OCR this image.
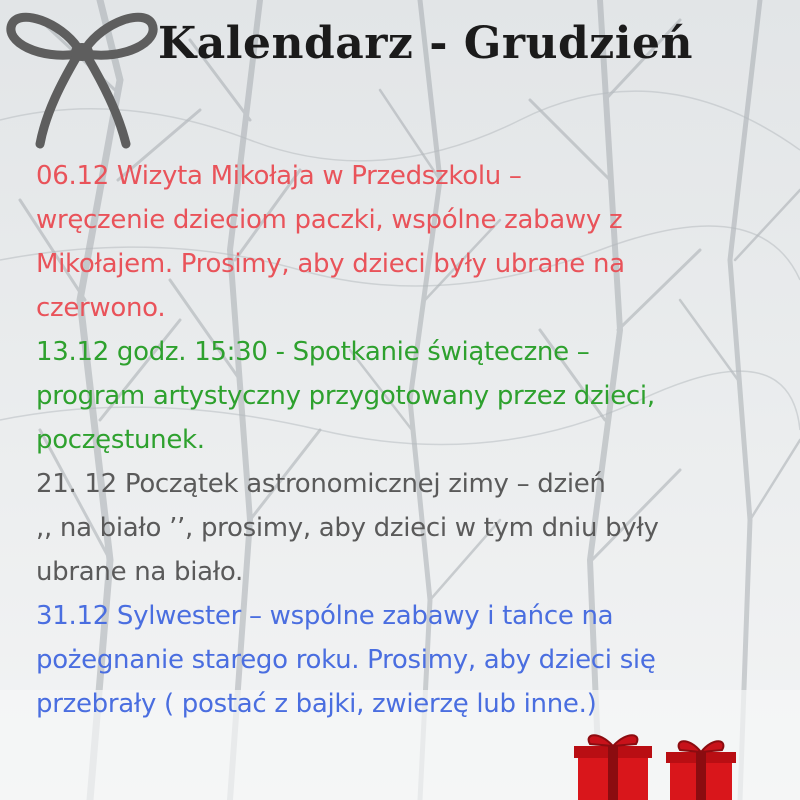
Kalendarz - Grudzień
06.12 Wizyta Mikołaja w Przedszkolu –
wręczenie dzieciom paczki, wspólne zabawy z
Mikołajem. Prosimy, aby dzieci były ubrane na
czerwono.
13.12 godz. 15:30 - Spotkanie świąteczne –
program artystyczny przygotowany przez dzieci,
poczęstunek.
21. 12 Początek astronomicznej zimy – dzień
,, na biało ’’, prosimy, aby dzieci w tym dniu były
ubrane na biało.
31.12 Sylwester – wspólne zabawy i tańce na
pożegnanie starego roku. Prosimy, aby dzieci się
przebrały ( postać z bajki, zwierzę lub inne.)
